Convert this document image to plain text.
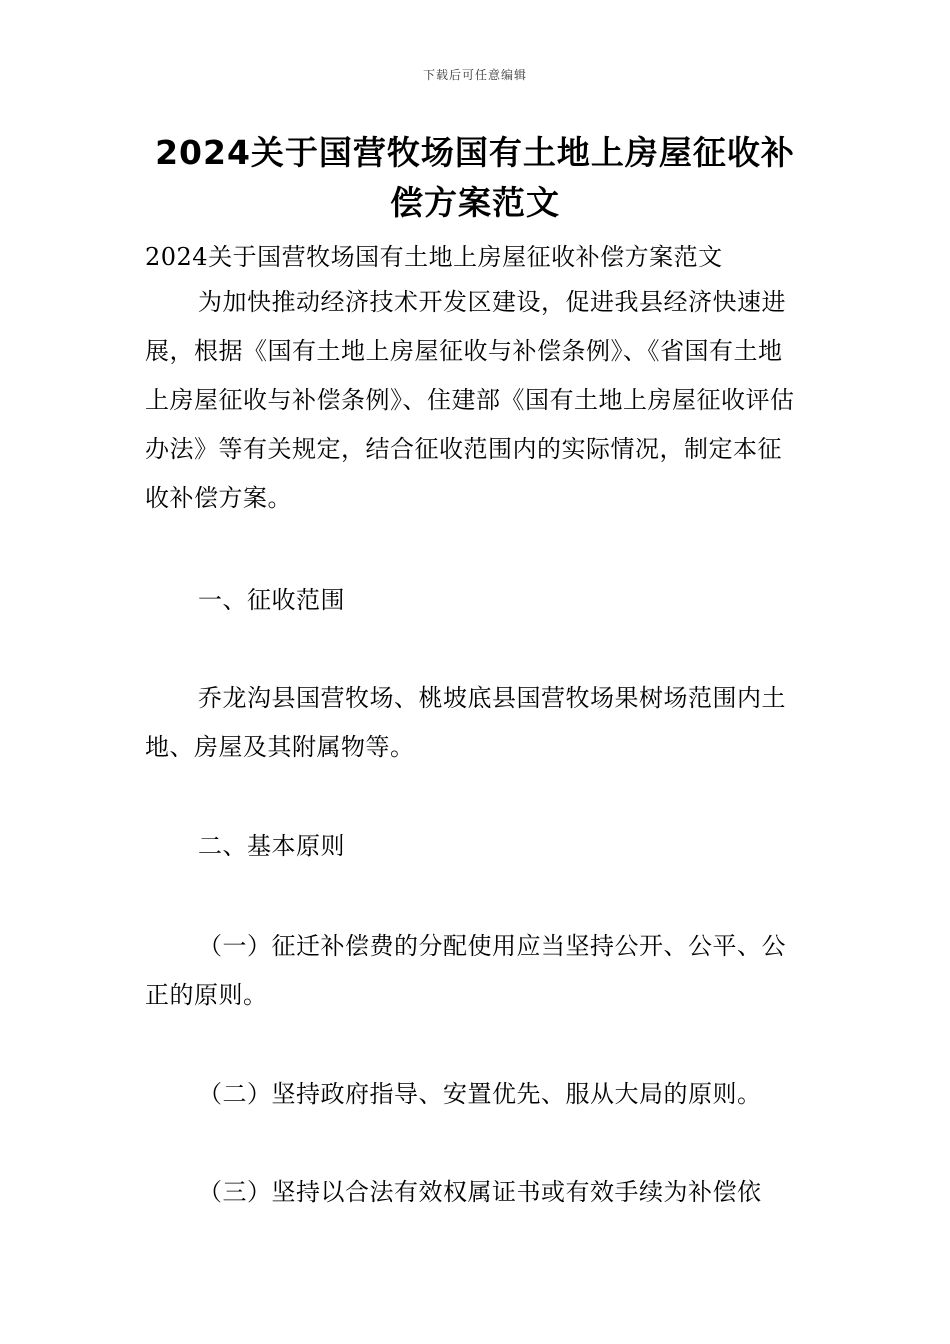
下载后可任意编辑
2024关于国营牧场国有土地上房屋征收补偿方案范文

2024关于国营牧场国有土地上房屋征收补偿方案范文

为加快推动经济技术开发区建设，促进我县经济快速进展，根据《国有土地上房屋征收与补偿条例》、《省国有土地上房屋征收与补偿条例》、住建部《国有土地上房屋征收评估办法》等有关规定，结合征收范围内的实际情况，制定本征收补偿方案。

一、征收范围

乔龙沟县国营牧场、桃坡底县国营牧场果树场范围内土地、房屋及其附属物等。

二、基本原则

（一）征迁补偿费的分配使用应当坚持公开、公平、公正的原则。

（二）坚持政府指导、安置优先、服从大局的原则。

（三）坚持以合法有效权属证书或有效手续为补偿依
